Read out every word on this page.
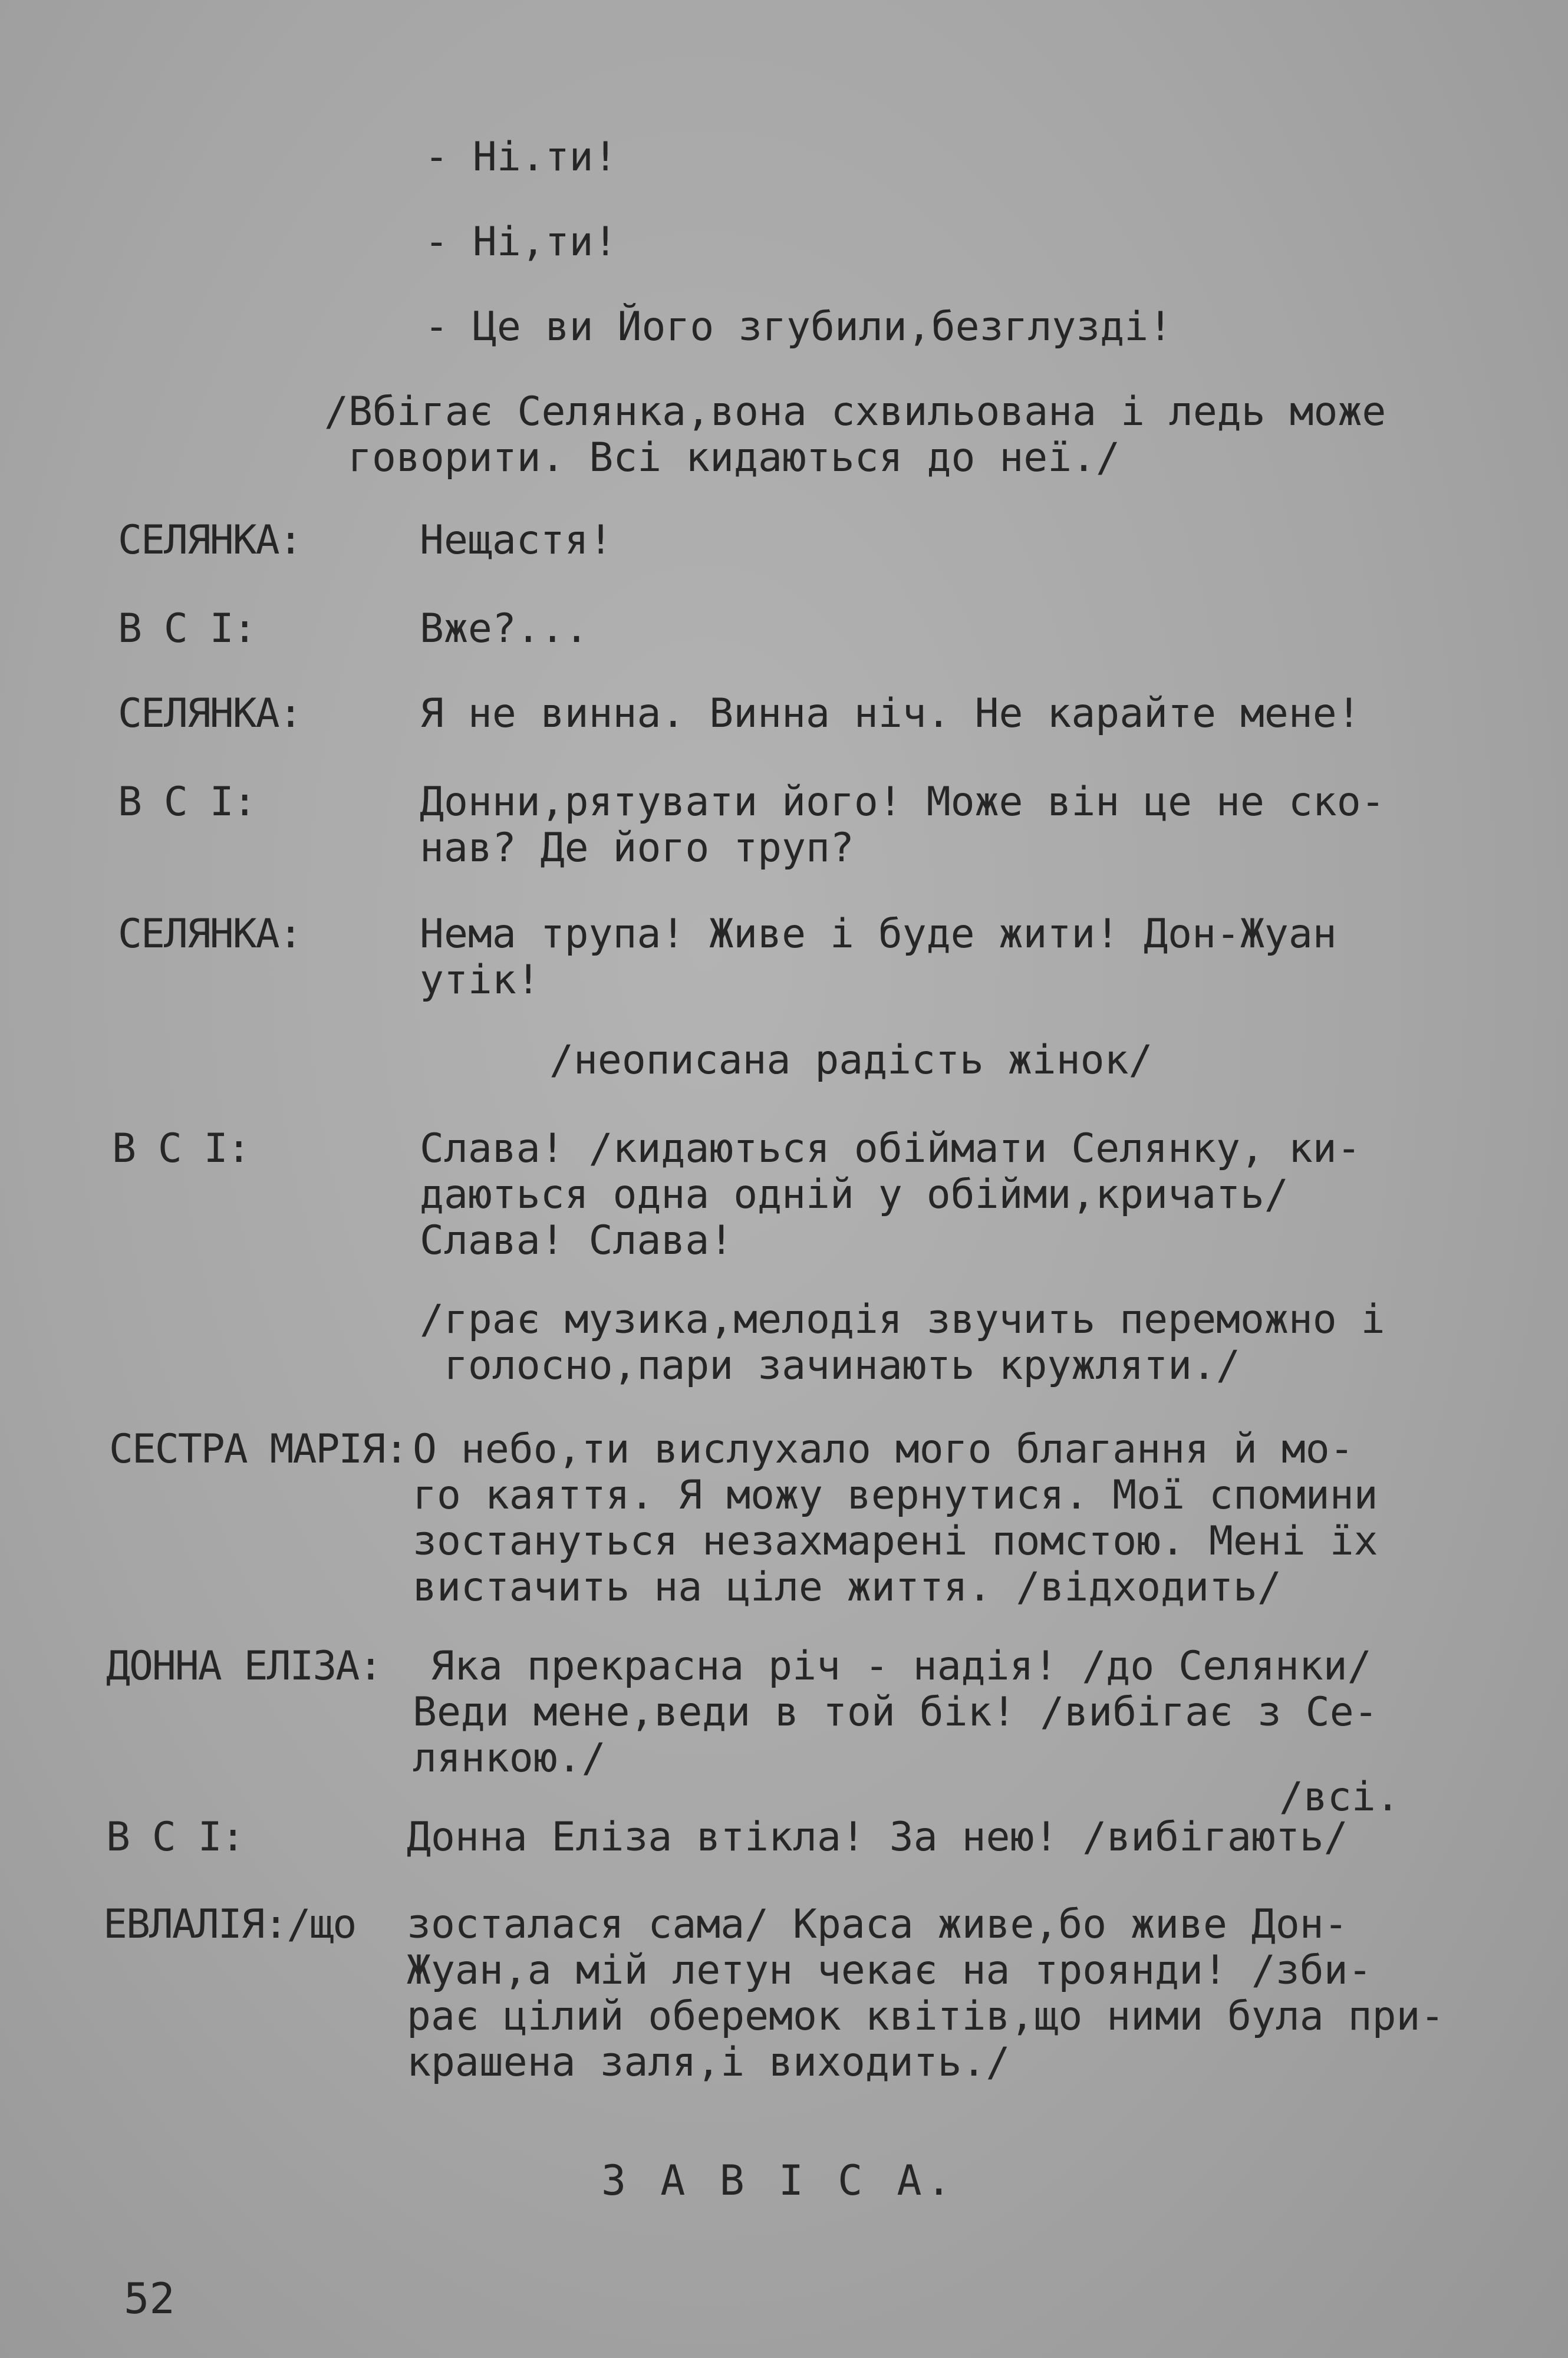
- Ні.ти!
- Ні,ти!
- Це ви Його згубили,безглузді!
/Вбігає Селянка,вона схвильована і ледь може
говорити. Всі кидаються до неї./
СЕЛЯНКА:	Нещастя!
В С І:	Вже?...
СЕЛЯНКА:	Я не винна. Винна ніч. Не карайте мене!
В С І:	Донни,рятувати його! Може він це не ско-
нав? Де його труп?
СЕЛЯНКА:	Нема трупа! Живе і буде жити! Дон-Жуан
утік!
/неописана радість жінок/
В С І:	Слава! /кидаються обіймати Селянку, ки-
даються одна одній у обійми,кричать/
Слава! Слава!
/грає музика,мелодія звучить переможно і
голосно,пари зачинають кружляти./
СЕСТРА МАРІЯ: О небо,ти вислухало мого благання й мо-
го каяття. Я можу вернутися. Мої спомини
зостануться незахмарені помстою. Мені їх
вистачить на ціле життя. /відходить/
ДОННА ЕЛІЗА: Яка прекрасна річ - надія! /до Селянки/
Веди мене,веди в той бік! /вибігає з Се-
лянкою./
/всі.
В С І:	Донна Еліза втікла! За нею! /вибігають/
ЕВЛАЛІЯ:/що зосталася сама/ Краса живе,бо живе Дон-
Жуан,а мій летун чекає на троянди! /зби-
рає цілий оберемок квітів,що ними була при-
крашена заля,і виходить./
З А В І С А.
52
